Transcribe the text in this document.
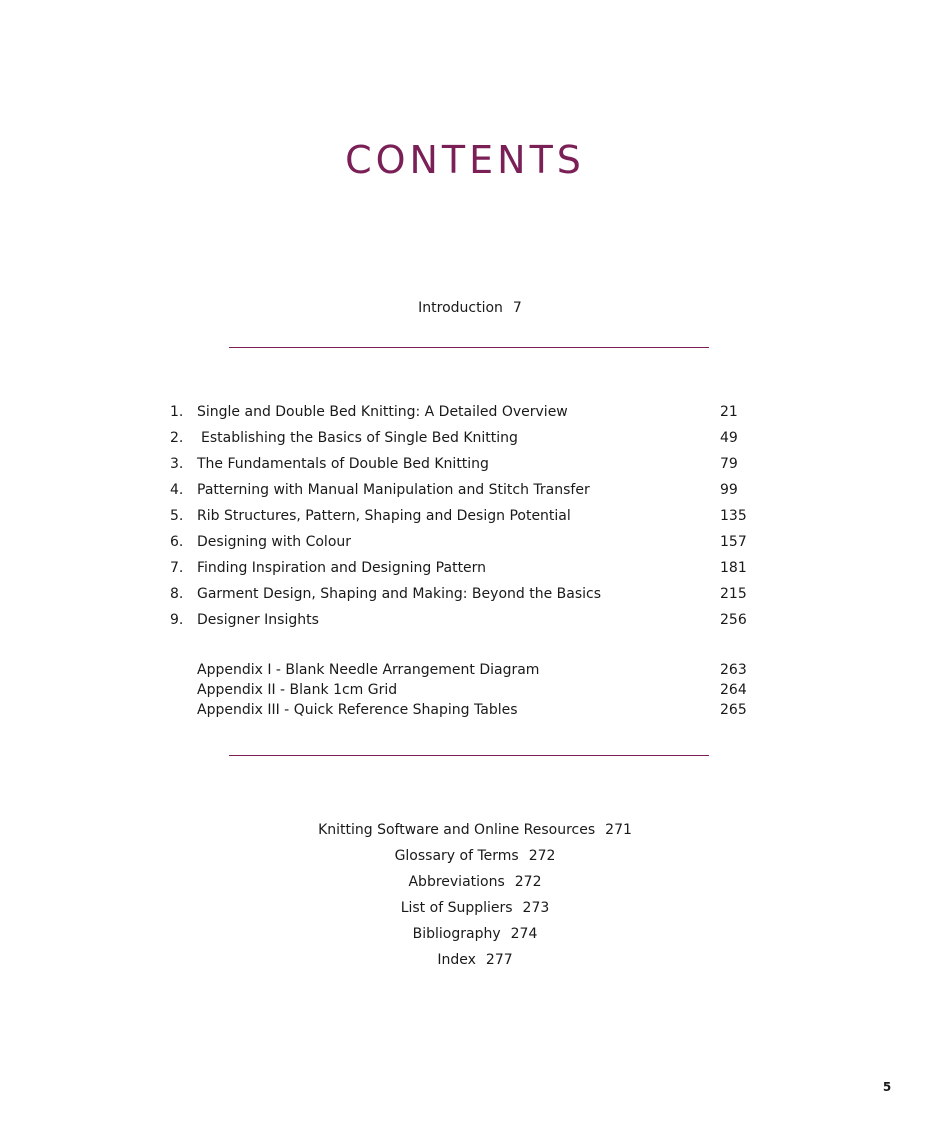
CONTENTS
Introduction 7
1. Single and Double Bed Knitting: A Detailed Overview	21
2. Establishing the Basics of Single Bed Knitting	49
3. The Fundamentals of Double Bed Knitting	79
4. Patterning with Manual Manipulation and Stitch Transfer	99
5. Rib Structures, Pattern, Shaping and Design Potential	135
6. Designing with Colour	157
7. Finding Inspiration and Designing Pattern	181
8. Garment Design, Shaping and Making: Beyond the Basics	215
9. Designer Insights	256
Appendix I - Blank Needle Arrangement Diagram	263
Appendix II - Blank 1cm Grid	264
Appendix III - Quick Reference Shaping Tables	265
Knitting Software and Online Resources 271
Glossary of Terms 272
Abbreviations 272
List of Suppliers 273
Bibliography 274
Index 277
5
